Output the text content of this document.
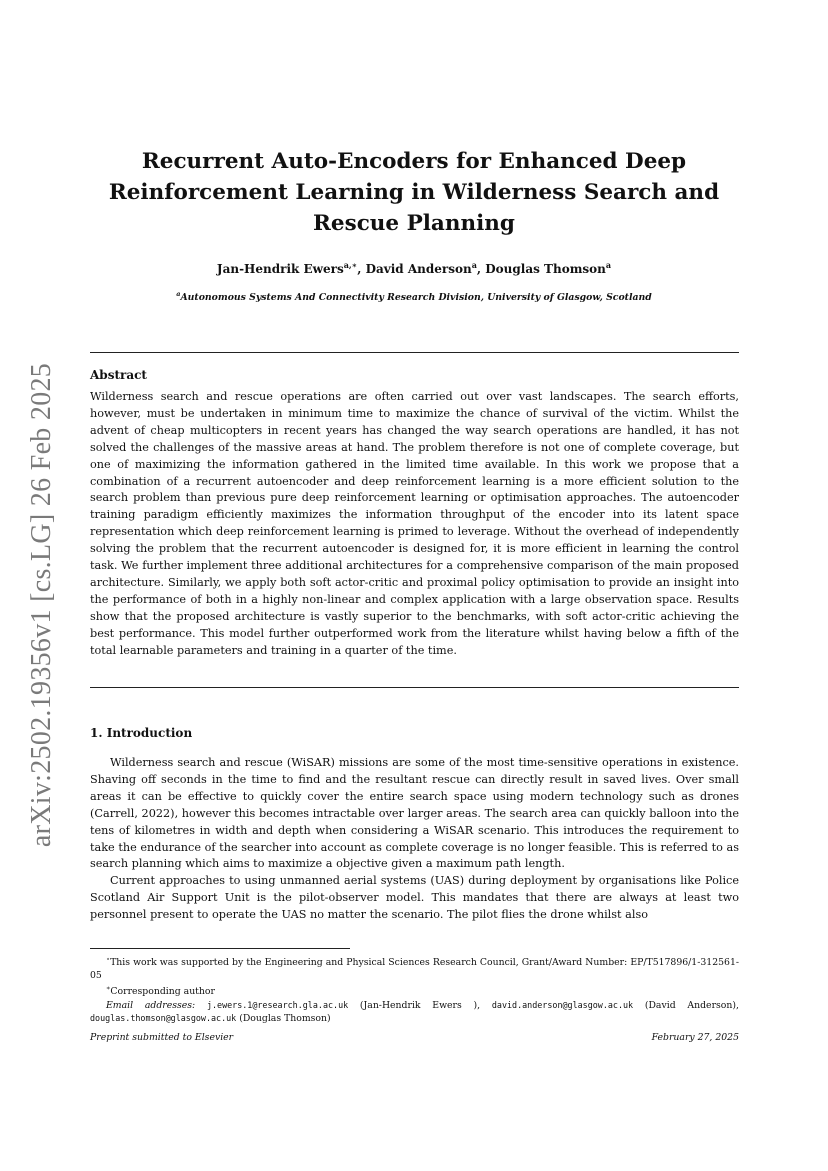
arXiv:2502.19356v1 [cs.LG] 26 Feb 2025
Recurrent Auto-Encoders for Enhanced Deep Reinforcement Learning in Wilderness Search and Rescue Planning
Jan-Hendrik Ewers$^{a,∗}$, David Anderson$^a$, Douglas Thomson$^a$
$^a$Autonomous Systems And Connectivity Research Division, University of Glasgow, Scotland
Abstract
Wilderness search and rescue operations are often carried out over vast landscapes. The search efforts, however, must be undertaken in minimum time to maximize the chance of survival of the victim. Whilst the advent of cheap multicopters in recent years has changed the way search operations are handled, it has not solved the challenges of the massive areas at hand. The problem therefore is not one of complete coverage, but one of maximizing the information gathered in the limited time available. In this work we propose that a combination of a recurrent autoencoder and deep reinforcement learning is a more efficient solution to the search problem than previous pure deep reinforcement learning or optimisation approaches. The autoencoder training paradigm efficiently maximizes the information throughput of the encoder into its latent space representation which deep reinforcement learning is primed to leverage. Without the overhead of independently solving the problem that the recurrent autoencoder is designed for, it is more efficient in learning the control task. We further implement three additional architectures for a comprehensive comparison of the main proposed architecture. Similarly, we apply both soft actor-critic and proximal policy optimisation to provide an insight into the performance of both in a highly non-linear and complex application with a large observation space. Results show that the proposed architecture is vastly superior to the benchmarks, with soft actor-critic achieving the best performance. This model further outperformed work from the literature whilst having below a fifth of the total learnable parameters and training in a quarter of the time.
1. Introduction

Wilderness search and rescue (WiSAR) missions are some of the most time-sensitive operations in existence. Shaving off seconds in the time to find and the resultant rescue can directly result in saved lives. Over small areas it can be effective to quickly cover the entire search space using modern technology such as drones (Carrell, 2022), however this becomes intractable over larger areas. The search area can quickly balloon into the tens of kilometres in width and depth when considering a WiSAR scenario. This introduces the requirement to take the endurance of the searcher into account as complete coverage is no longer feasible. This is referred to as search planning which aims to maximize a objective given a maximum path length.

Current approaches to using unmanned aerial systems (UAS) during deployment by organisations like Police Scotland Air Support Unit is the pilot-observer model. This mandates that there are always at least two personnel present to operate the UAS no matter the scenario. The pilot flies the drone whilst also

⋆This work was supported by the Engineering and Physical Sciences Research Council, Grant/Award Number: EP/T517896/1-312561-05

∗Corresponding author

Email addresses: j.ewers.1@research.gla.ac.uk (Jan-Hendrik Ewers ), david.anderson@glasgow.ac.uk (David Anderson), douglas.thomson@glasgow.ac.uk (Douglas Thomson)

Preprint submitted to Elsevier	February 27, 2025
